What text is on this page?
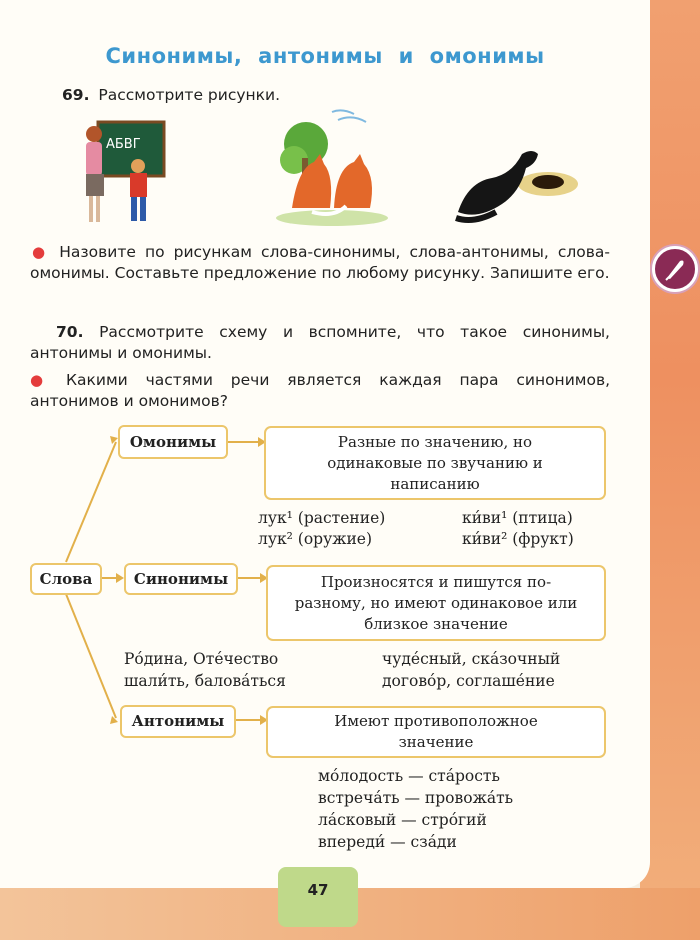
Синонимы, антонимы и омонимы
69. Рассмотрите рисунки.
АБВГ
● Назовите по рисункам слова-синонимы, слова-антонимы, слова-омонимы. Составьте предложение по любому рисунку. Запишите его.
70. Рассмотрите схему и вспомните, что такое синонимы, антонимы и омонимы.
● Какими частями речи является каждая пара синонимов, антонимов и омонимов?
Слова
Омонимы
Синонимы
Антонимы
Разные по значению, но одинаковые по звучанию и написанию
Произносятся и пишутся по-разному, но имеют одинаковое или близкое значение
Имеют противоположное значение
лук¹ (растение)
лук² (оружие)
ки́ви¹ (птица)
ки́ви² (фрукт)
Ро́дина, Оте́чество
шали́ть, балова́ться
чуде́сный, ска́зочный
догово́р, соглаше́ние
мо́лодость — ста́рость
встреча́ть — провожа́ть
ла́сковый — стро́гий
впереди́ — сза́ди
47
